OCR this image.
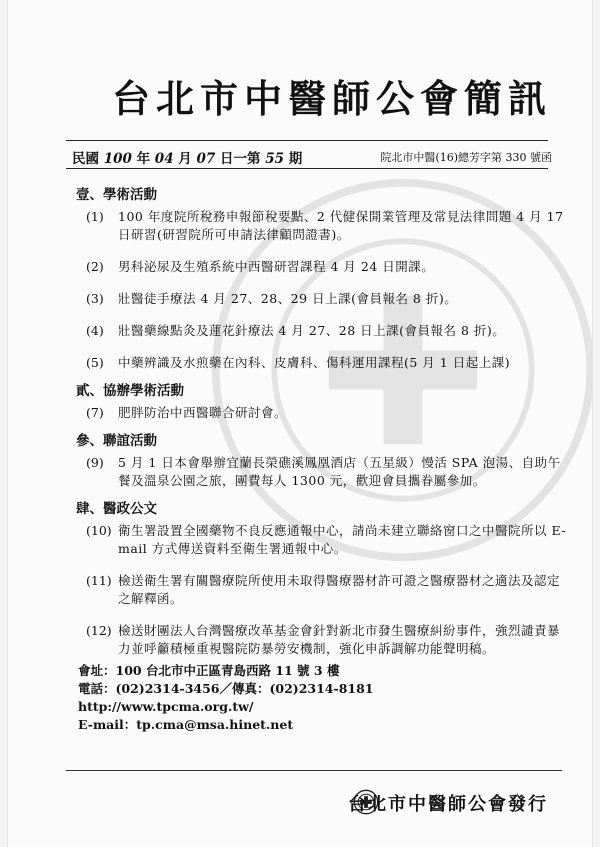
台北市中醫師公會簡訊
民國 100 年 04 月 07 日一第 55 期	院北市中醫(16)總芳字第 330 號函
壹、學術活動
(1)	100 年度院所稅務申報節稅要點、2 代健保開業管理及常見法律問題 4 月 17 日研習(研習院所可申請法律顧問證書)。
(2)	男科泌尿及生殖系統中西醫研習課程 4 月 24 日開課。
(3)	壯醫徒手療法 4 月 27、28、29 日上課(會員報名 8 折)。
(4)	壯醫藥線點灸及蓮花針療法 4 月 27、28 日上課(會員報名 8 折)。
(5)	中藥辨識及水煎藥在內科、皮膚科、傷科運用課程(5 月 1 日起上課)
貳、協辦學術活動
(7)	肥胖防治中西醫聯合研討會。
參、聯誼活動
(9)	5 月 1 日本會舉辦宜蘭長榮礁溪鳳凰酒店（五星級）慢活 SPA 泡湯、自助午餐及溫泉公園之旅，團費每人 1300 元，歡迎會員攜眷屬參加。
肆、醫政公文
(10) 衛生署設置全國藥物不良反應通報中心，請尚未建立聯絡窗口之中醫院所以 E-mail 方式傳送資料至衛生署通報中心。
(11) 檢送衛生署有關醫療院所使用未取得醫療器材許可證之醫療器材之適法及認定之解釋函。
(12) 檢送財團法人台灣醫療改革基金會針對新北市發生醫療糾紛事件，強烈譴責暴力並呼籲積極重視醫院防暴勞安機制，強化申訴調解功能聲明稿。
會址：100 台北市中正區青島西路 11 號 3 樓
電話：(02)2314-3456／傳真：(02)2314-8181
http://www.tpcma.org.tw/
E-mail：tp.cma@msa.hinet.net
台北市中醫師公會發行
